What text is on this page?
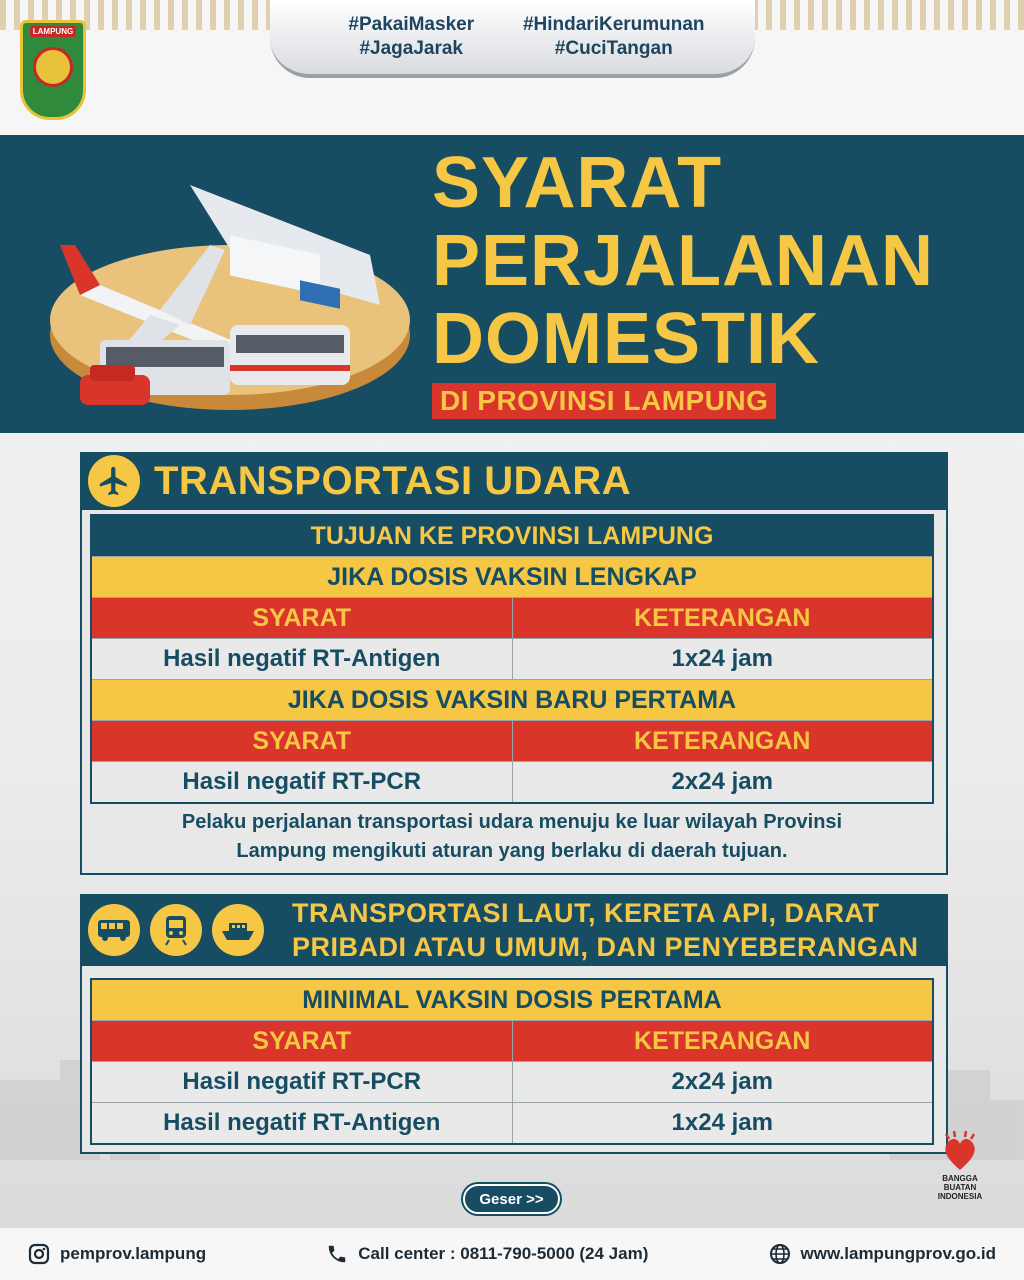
LAMPUNG	#PakaiMasker	#HindariKerumunan
#JagaJarak	#CuciTangan
SYARAT
PERJALANAN
DOMESTIK
DI PROVINSI LAMPUNG
TRANSPORTASI UDARA
TUJUAN KE PROVINSI LAMPUNG
JIKA DOSIS VAKSIN LENGKAP
SYARAT	KETERANGAN
Hasil negatif RT-Antigen	1x24 jam
JIKA DOSIS VAKSIN BARU PERTAMA
SYARAT	KETERANGAN
Hasil negatif RT-PCR	2x24 jam
Pelaku perjalanan transportasi udara menuju ke luar wilayah Provinsi
Lampung mengikuti aturan yang berlaku di daerah tujuan.
TRANSPORTASI LAUT, KERETA API, DARAT
PRIBADI ATAU UMUM, DAN PENYEBERANGAN
MINIMAL VAKSIN DOSIS PERTAMA
SYARAT	KETERANGAN
Hasil negatif RT-PCR	2x24 jam
Hasil negatif RT-Antigen	1x24 jam
Geser >>
BANGGA BUATAN
INDONESIA
pemprov.lampung	Call center : 0811-790-5000 (24 Jam)	www.lampungprov.go.id
